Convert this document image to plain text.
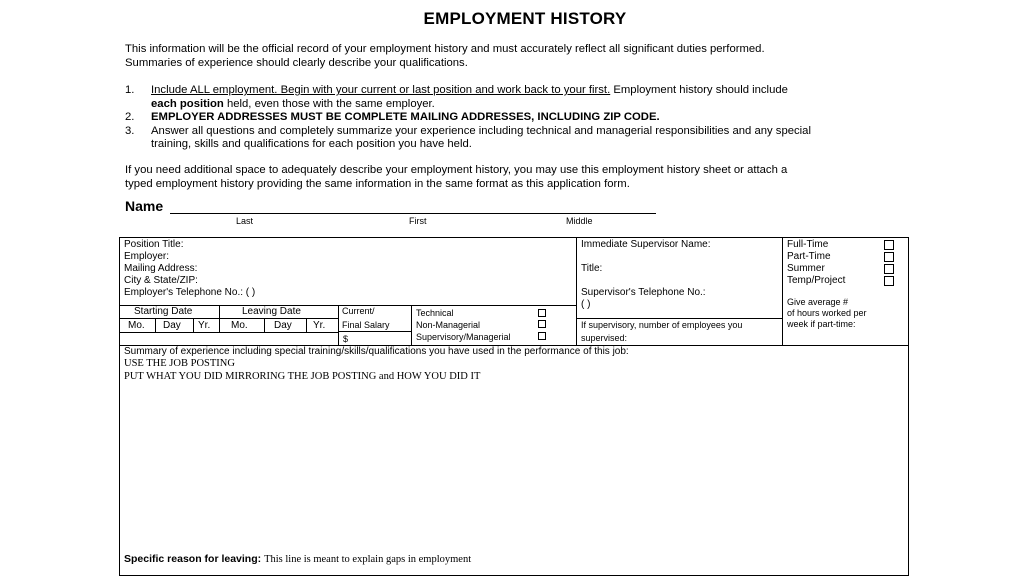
EMPLOYMENT HISTORY
This information will be the official record of your employment history and must accurately reflect all significant duties performed.
Summaries of experience should clearly describe your qualifications.
1. Include ALL employment. Begin with your current or last position and work back to your first. Employment history should include
each position held, even those with the same employer.
2. EMPLOYER ADDRESSES MUST BE COMPLETE MAILING ADDRESSES, INCLUDING ZIP CODE.
3. Answer all questions and completely summarize your experience including technical and managerial responsibilities and any special
training, skills and qualifications for each position you have held.
If you need additional space to adequately describe your employment history, you may use this employment history sheet or attach a
typed employment history providing the same information in the same format as this application form.
Name
Last	First	Middle
Position Title:
Employer:
Mailing Address:
City & State/ZIP:
Employer's Telephone No.: ( )
Starting Date	Leaving Date
Mo. Day Yr. Mo.	Day Yr.
Current/
Final Salary
$
Technical
Non-Managerial
Supervisory/Managerial
Immediate Supervisor Name:
Title:
Supervisor's Telephone No.:
( )
If supervisory, number of employees you
supervised:
Full-Time
Part-Time
Summer
Temp/Project
Give average #
of hours worked per
week if part-time:
Summary of experience including special training/skills/qualifications you have used in the performance of this job:
USE THE JOB POSTING
PUT WHAT YOU DID MIRRORING THE JOB POSTING and HOW YOU DID IT
Specific reason for leaving: This line is meant to explain gaps in employment
